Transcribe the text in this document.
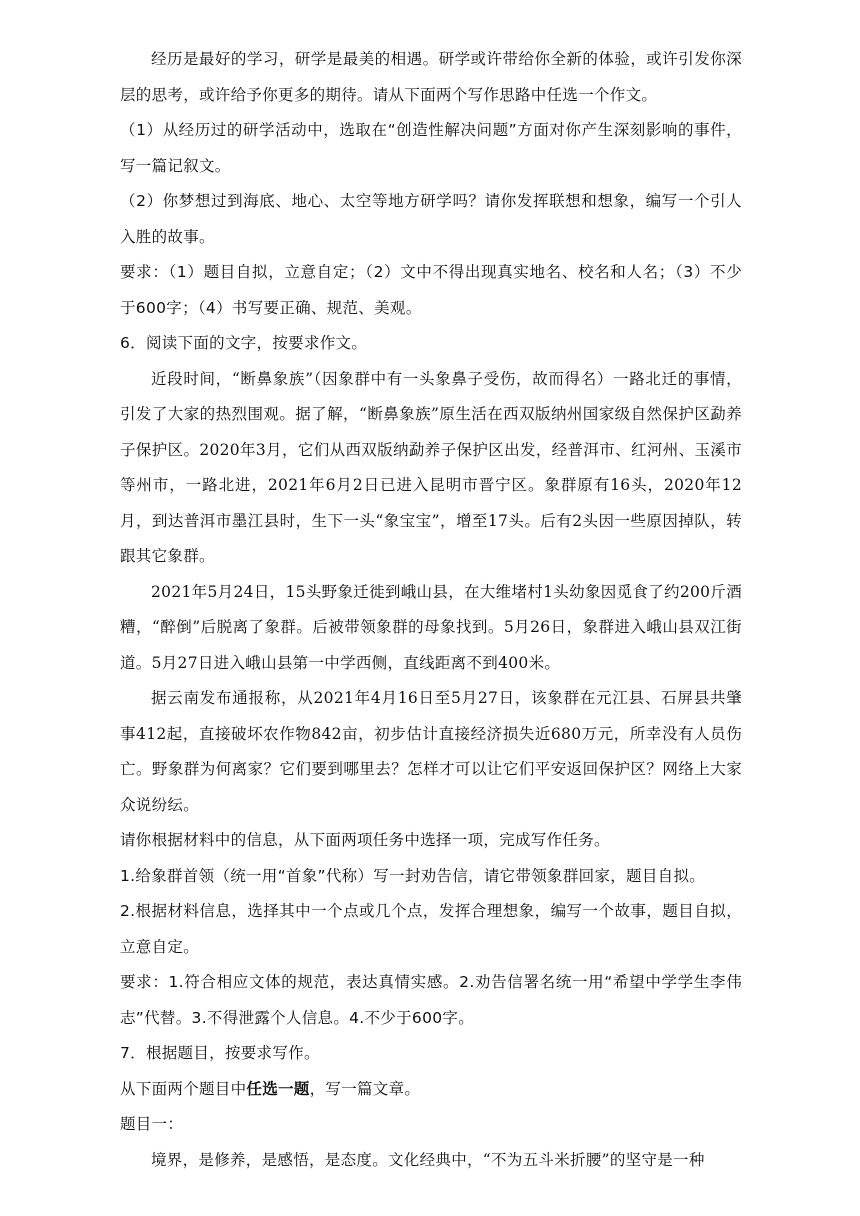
经历是最好的学习，研学是最美的相遇。研学或许带给你全新的体验，或许引发你深层的思考，或许给予你更多的期待。请从下面两个写作思路中任选一个作文。

（1）从经历过的研学活动中，选取在“创造性解决问题”方面对你产生深刻影响的事件，写一篇记叙文。

（2）你梦想过到海底、地心、太空等地方研学吗？请你发挥联想和想象，编写一个引人入胜的故事。

要求：（1）题目自拟，立意自定；（2）文中不得出现真实地名、校名和人名；（3）不少于600字；（4）书写要正确、规范、美观。

6．阅读下面的文字，按要求作文。

近段时间，“断鼻象族”（因象群中有一头象鼻子受伤，故而得名）一路北迁的事情，引发了大家的热烈围观。据了解，“断鼻象族”原生活在西双版纳州国家级自然保护区勐养子保护区。2020年3月，它们从西双版纳勐养子保护区出发，经普洱市、红河州、玉溪市等州市，一路北进，2021年6月2日已进入昆明市晋宁区。象群原有16头，2020年12月，到达普洱市墨江县时，生下一头“象宝宝”，增至17头。后有2头因一些原因掉队，转跟其它象群。

2021年5月24日，15头野象迁徙到峨山县，在大维堵村1头幼象因觅食了约200斤酒糟，“醉倒”后脱离了象群。后被带领象群的母象找到。5月26日，象群进入峨山县双江街道。5月27日进入峨山县第一中学西侧，直线距离不到400米。

据云南发布通报称，从2021年4月16日至5月27日，该象群在元江县、石屏县共肇事412起，直接破坏农作物842亩，初步估计直接经济损失近680万元，所幸没有人员伤亡。野象群为何离家？它们要到哪里去？怎样才可以让它们平安返回保护区？网络上大家众说纷纭。

请你根据材料中的信息，从下面两项任务中选择一项，完成写作任务。

1.给象群首领（统一用“首象”代称）写一封劝告信，请它带领象群回家，题目自拟。

2.根据材料信息，选择其中一个点或几个点，发挥合理想象，编写一个故事，题目自拟，立意自定。

要求：1.符合相应文体的规范，表达真情实感。2.劝告信署名统一用“希望中学学生李伟志”代替。3.不得泄露个人信息。4.不少于600字。

7．根据题目，按要求写作。

从下面两个题目中任选一题，写一篇文章。

题目一：

境界，是修养，是感悟，是态度。文化经典中，“不为五斗米折腰”的坚守是一种
